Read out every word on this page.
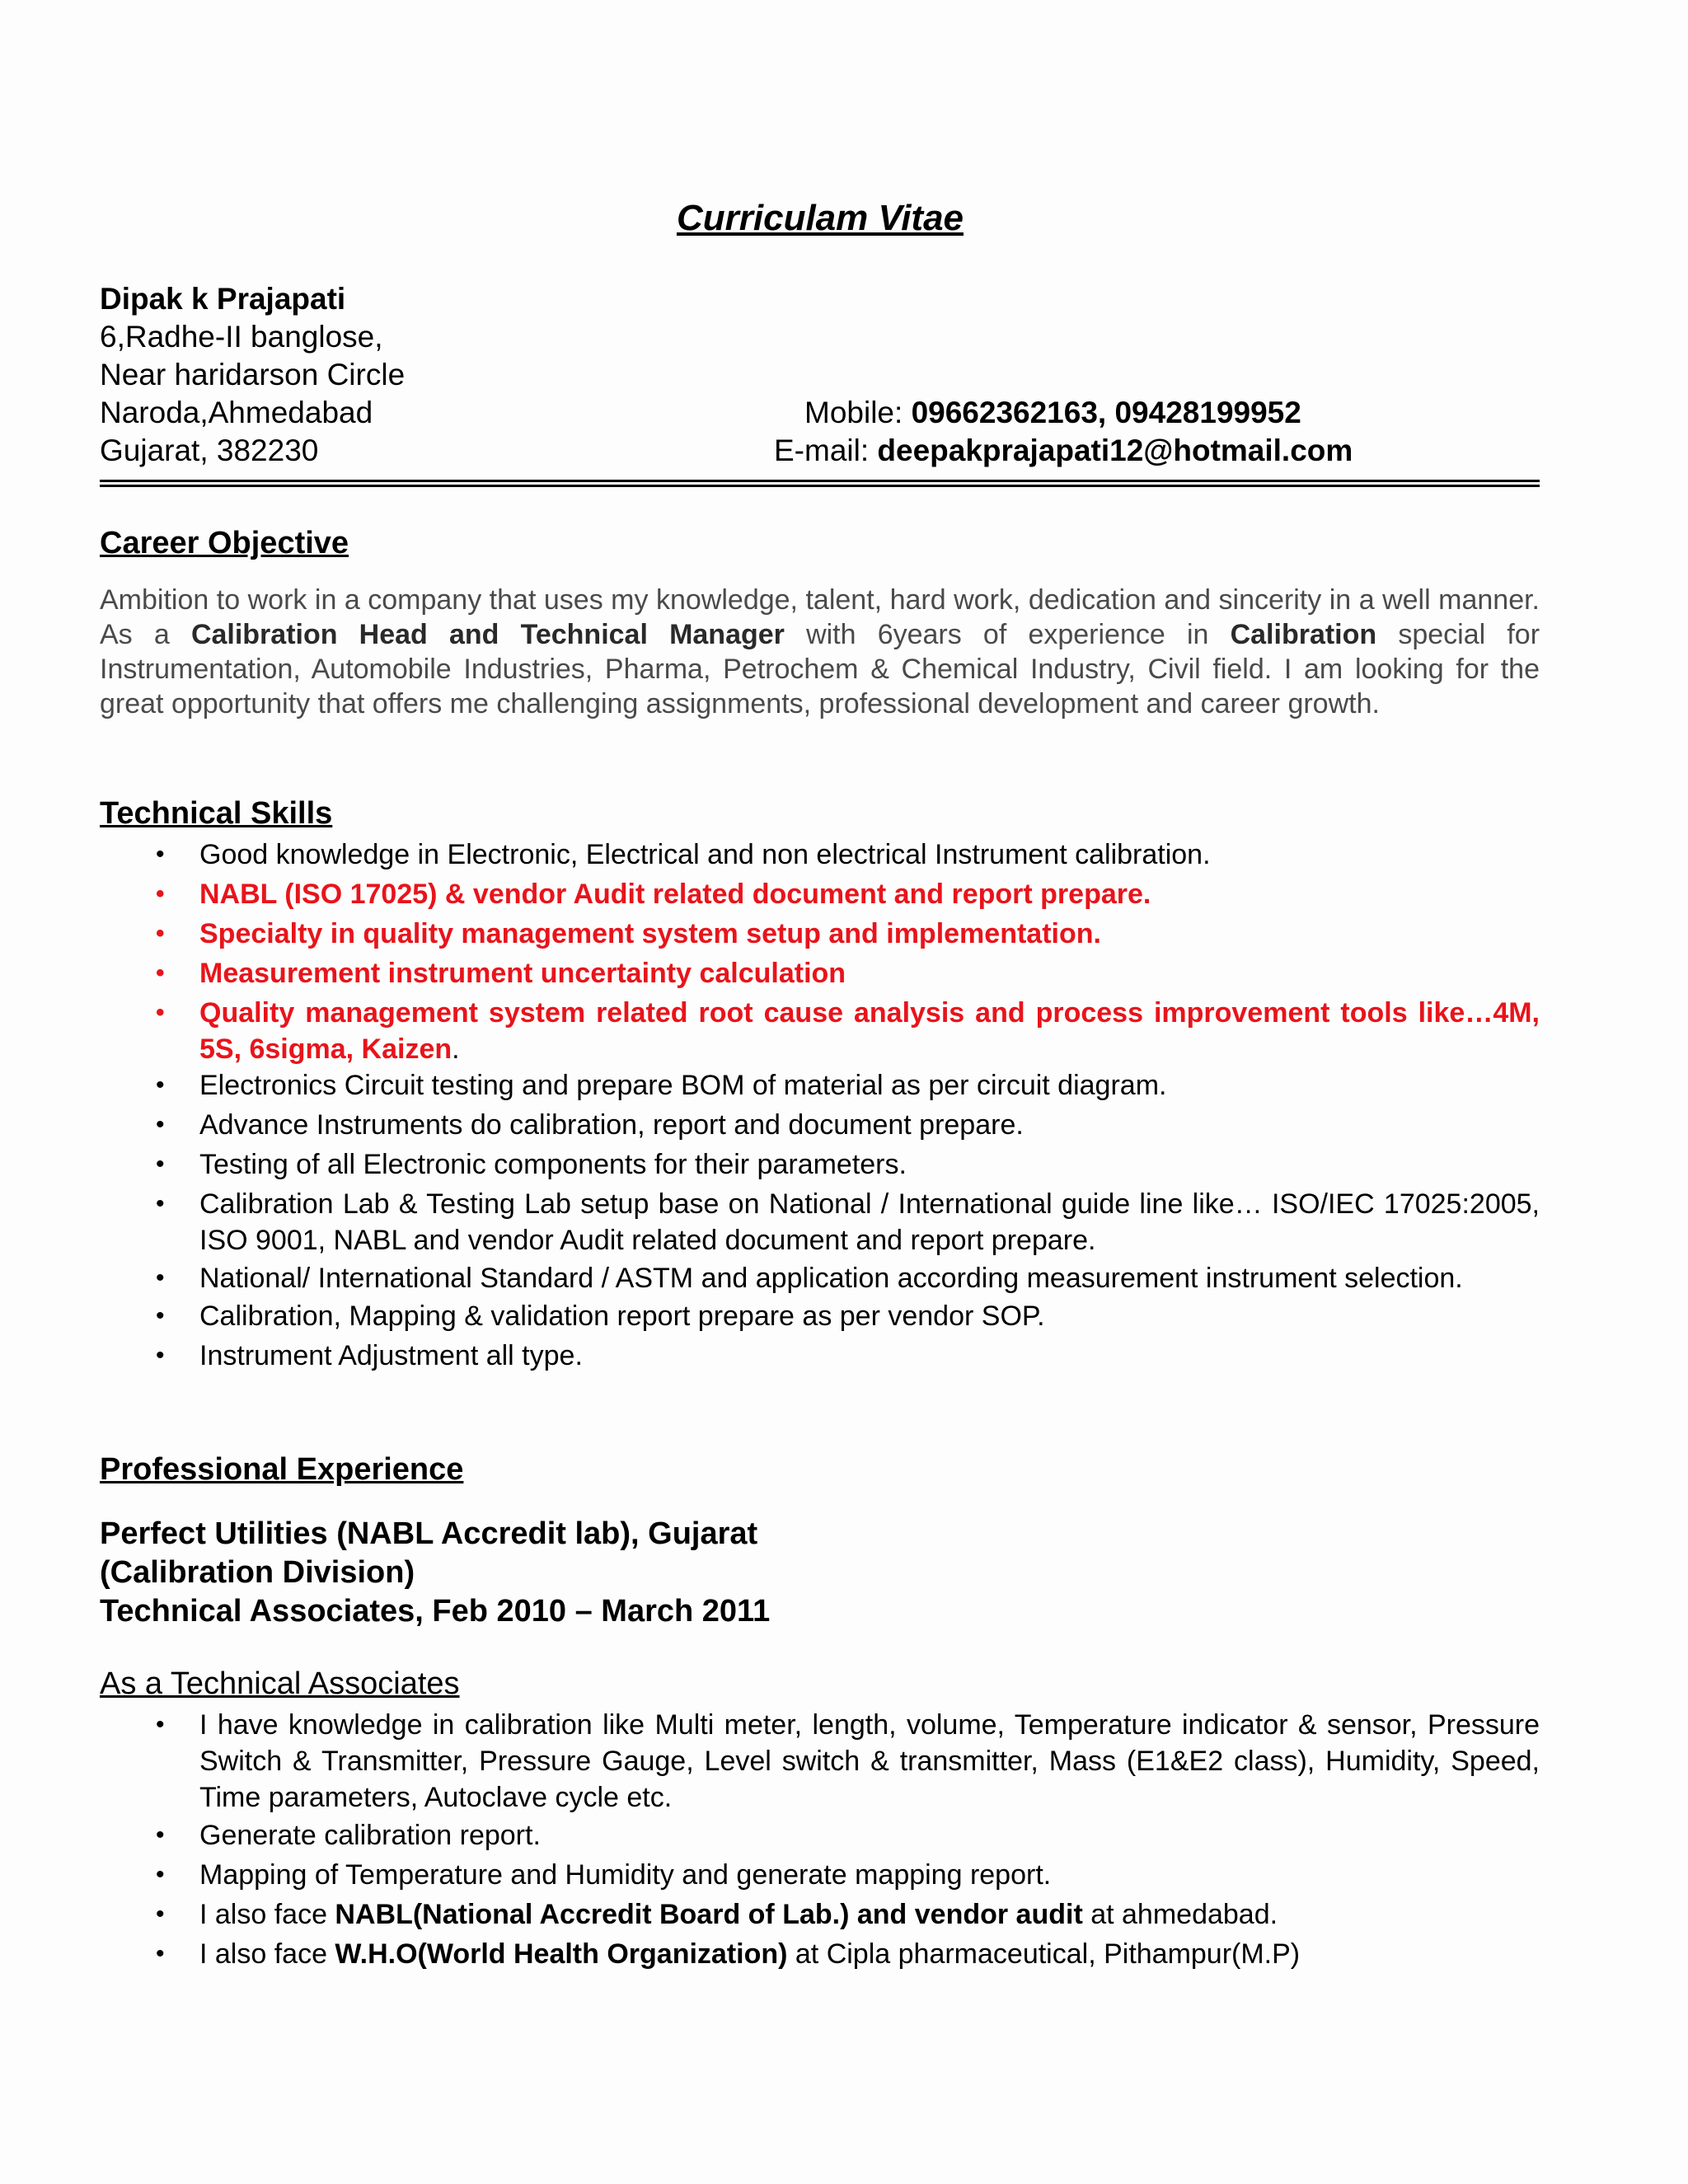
Curriculam Vitae
Dipak k Prajapati
6,Radhe-II banglose,
Near haridarson Circle
Naroda,Ahmedabad
Gujarat, 382230
Mobile: 09662362163, 09428199952
E-mail: deepakprajapati12@hotmail.com
Career Objective
Ambition to work in a company that uses my knowledge, talent, hard work, dedication and sincerity in a well manner. As a Calibration Head and Technical Manager with 6years of experience in Calibration special for Instrumentation, Automobile Industries, Pharma, Petrochem & Chemical Industry, Civil field. I am looking for the great opportunity that offers me challenging assignments, professional development and career growth.
Technical Skills
• Good knowledge in Electronic, Electrical and non electrical Instrument calibration.
• NABL (ISO 17025) & vendor Audit related document and report prepare.
• Specialty in quality management system setup and implementation.
• Measurement instrument uncertainty calculation
• Quality management system related root cause analysis and process improvement tools like…4M, 5S, 6sigma, Kaizen.
• Electronics Circuit testing and prepare BOM of material as per circuit diagram.
• Advance Instruments do calibration, report and document prepare.
• Testing of all Electronic components for their parameters.
• Calibration Lab & Testing Lab setup base on National / International guide line like… ISO/IEC 17025:2005, ISO 9001, NABL and vendor Audit related document and report prepare.
• National/ International Standard / ASTM and application according measurement instrument selection.
• Calibration, Mapping & validation report prepare as per vendor SOP.
• Instrument Adjustment all type.
Professional Experience
Perfect Utilities (NABL Accredit lab), Gujarat
(Calibration Division)
Technical Associates, Feb 2010 – March 2011
As a Technical Associates
• I have knowledge in calibration like Multi meter, length, volume, Temperature indicator & sensor, Pressure Switch & Transmitter, Pressure Gauge, Level switch & transmitter, Mass (E1&E2 class), Humidity, Speed, Time parameters, Autoclave cycle etc.
• Generate calibration report.
• Mapping of Temperature and Humidity and generate mapping report.
• I also face NABL(National Accredit Board of Lab.) and vendor audit at ahmedabad.
• I also face W.H.O(World Health Organization) at Cipla pharmaceutical, Pithampur(M.P)
